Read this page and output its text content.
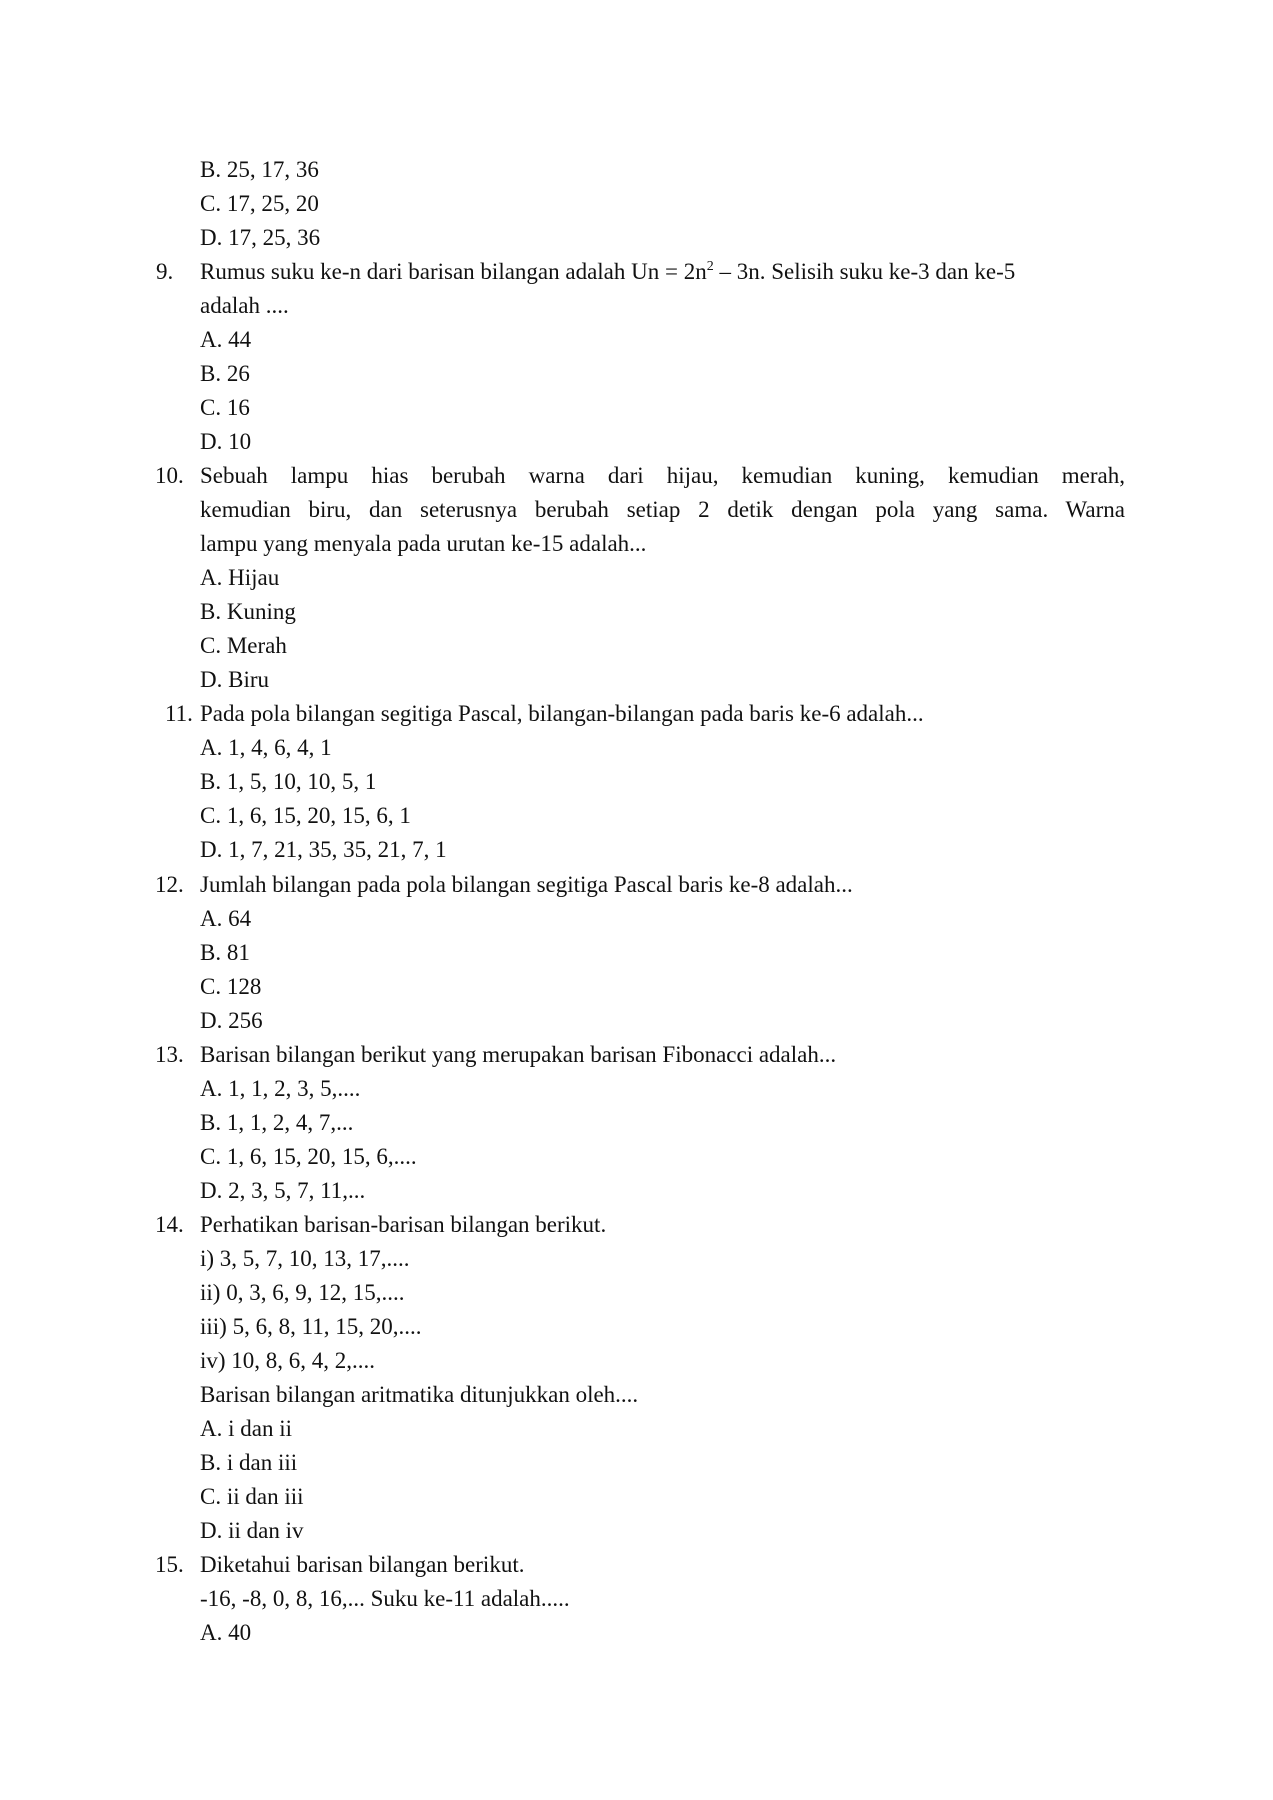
B. 25, 17, 36
C. 17, 25, 20
D. 17, 25, 36
9. Rumus suku ke-n dari barisan bilangan adalah $Un = 2n^2 - 3n$. Selisih suku ke-3 dan ke-5
adalah ....
A. 44
B. 26
C. 16
D. 10
10. Sebuah lampu hias berubah warna dari hijau, kemudian kuning, kemudian merah,
kemudian biru, dan seterusnya berubah setiap 2 detik dengan pola yang sama. Warna
lampu yang menyala pada urutan ke-15 adalah...
A. Hijau
B. Kuning
C. Merah
D. Biru
11. Pada pola bilangan segitiga Pascal, bilangan-bilangan pada baris ke-6 adalah...
A. 1, 4, 6, 4, 1
B. 1, 5, 10, 10, 5, 1
C. 1, 6, 15, 20, 15, 6, 1
D. 1, 7, 21, 35, 35, 21, 7, 1
12. Jumlah bilangan pada pola bilangan segitiga Pascal baris ke-8 adalah...
A. 64
B. 81
C. 128
D. 256
13. Barisan bilangan berikut yang merupakan barisan Fibonacci adalah...
A. 1, 1, 2, 3, 5,....
B. 1, 1, 2, 4, 7,...
C. 1, 6, 15, 20, 15, 6,....
D. 2, 3, 5, 7, 11,...
14. Perhatikan barisan-barisan bilangan berikut.
i) 3, 5, 7, 10, 13, 17,....
ii) 0, 3, 6, 9, 12, 15,....
iii) 5, 6, 8, 11, 15, 20,....
iv) 10, 8, 6, 4, 2,....
Barisan bilangan aritmatika ditunjukkan oleh....
A. i dan ii
B. i dan iii
C. ii dan iii
D. ii dan iv
15. Diketahui barisan bilangan berikut.
-16, -8, 0, 8, 16,... Suku ke-11 adalah.....
A. 40
